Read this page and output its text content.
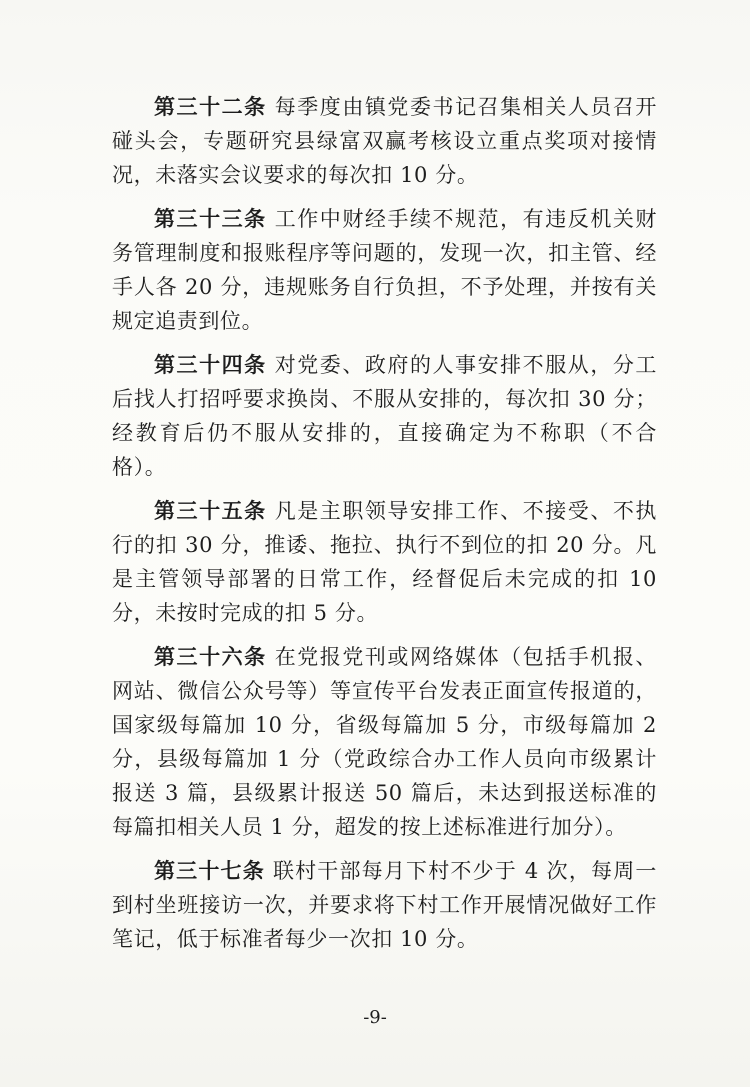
第三十二条 每季度由镇党委书记召集相关人员召开碰头会，专题研究县绿富双赢考核设立重点奖项对接情况，未落实会议要求的每次扣 10 分。

第三十三条 工作中财经手续不规范，有违反机关财务管理制度和报账程序等问题的，发现一次，扣主管、经手人各 20 分，违规账务自行负担，不予处理，并按有关规定追责到位。

第三十四条 对党委、政府的人事安排不服从，分工后找人打招呼要求换岗、不服从安排的，每次扣 30 分；经教育后仍不服从安排的，直接确定为不称职（不合格）。

第三十五条 凡是主职领导安排工作、不接受、不执行的扣 30 分，推诿、拖拉、执行不到位的扣 20 分。凡是主管领导部署的日常工作，经督促后未完成的扣 10 分，未按时完成的扣 5 分。

第三十六条 在党报党刊或网络媒体（包括手机报、网站、微信公众号等）等宣传平台发表正面宣传报道的，国家级每篇加 10 分，省级每篇加 5 分，市级每篇加 2 分，县级每篇加 1 分（党政综合办工作人员向市级累计报送 3 篇，县级累计报送 50 篇后，未达到报送标准的每篇扣相关人员 1 分，超发的按上述标准进行加分）。

第三十七条 联村干部每月下村不少于 4 次，每周一到村坐班接访一次，并要求将下村工作开展情况做好工作笔记，低于标准者每少一次扣 10 分。

-9-
